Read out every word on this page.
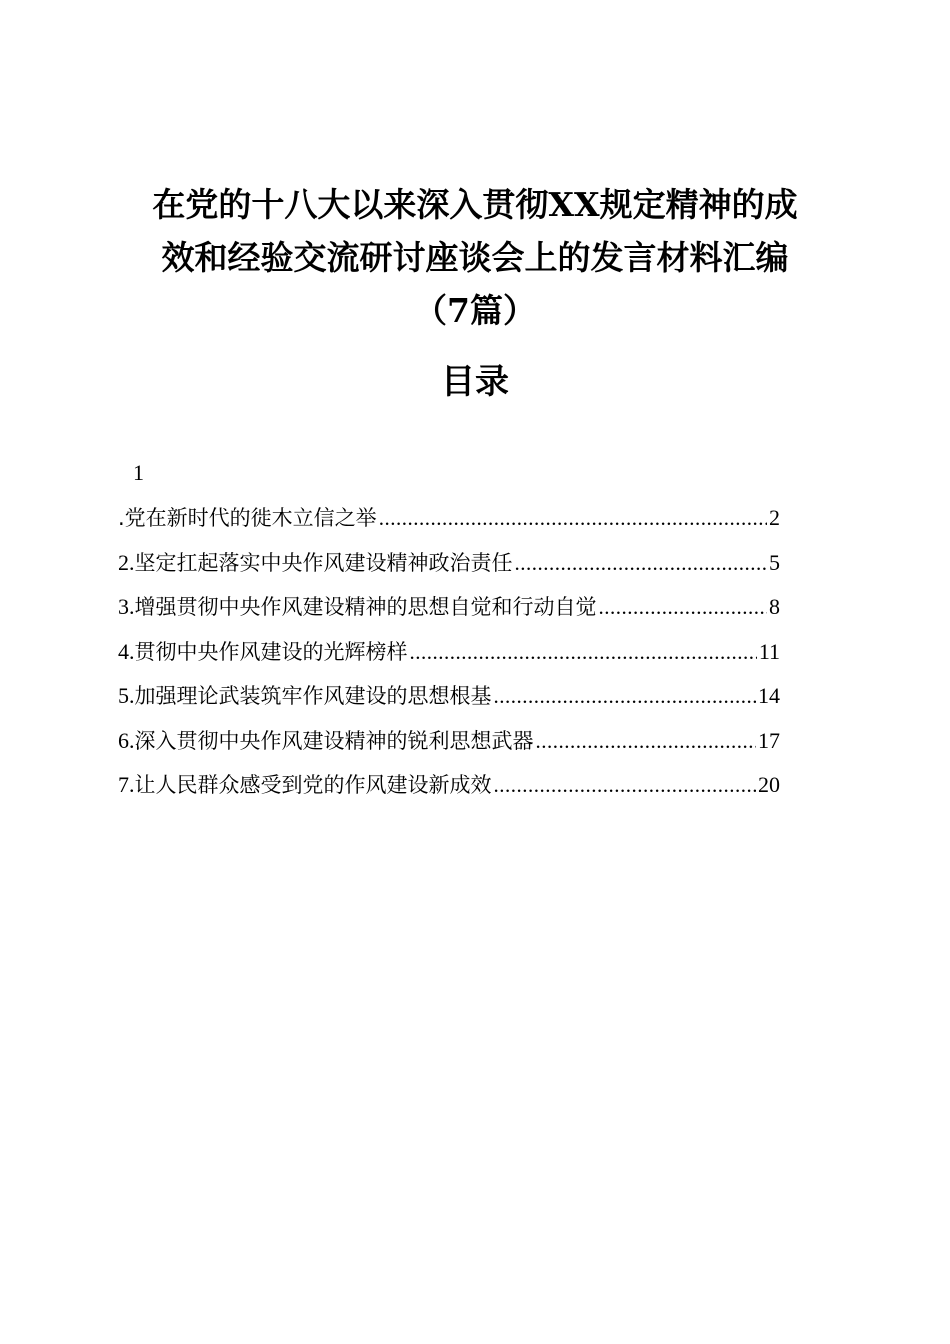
在党的十八大以来深入贯彻XX规定精神的成
效和经验交流研讨座谈会上的发言材料汇编
（7篇）
目录
1
.党在新时代的徙木立信之举 .....	2
2. 坚定扛起落实中央作风建设精神政治责任 .....	5
3. 增强贯彻中央作风建设精神的思想自觉和行动自觉 .....	8
4. 贯彻中央作风建设的光辉榜样 .....	11
5. 加强理论武装筑牢作风建设的思想根基 .....	14
6. 深入贯彻中央作风建设精神的锐利思想武器 .....	17
7. 让人民群众感受到党的作风建设新成效 .....	20
